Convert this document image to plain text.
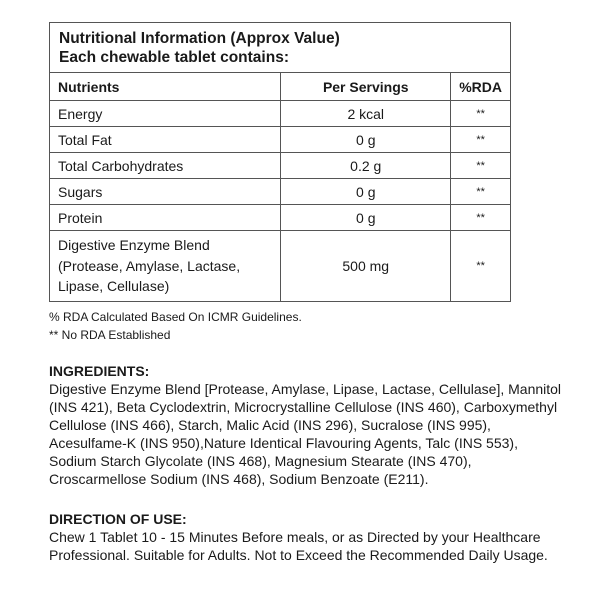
Nutritional Information (Approx Value)
Each chewable tablet contains:
Nutrients	Per Servings	%RDA
Energy	2 kcal	**
Total Fat	0 g	**
Total Carbohydrates	0.2 g	**
Sugars	0 g	**
Protein	0 g	**
Digestive Enzyme Blend (Protease, Amylase, Lactase, Lipase, Cellulase)	500 mg	**
% RDA Calculated Based On ICMR Guidelines.
** No RDA Established
INGREDIENTS:

Digestive Enzyme Blend [Protease, Amylase, Lipase, Lactase, Cellulase], Mannitol (INS 421), Beta Cyclodextrin, Microcrystalline Cellulose (INS 460), Carboxymethyl Cellulose (INS 466), Starch, Malic Acid (INS 296), Sucralose (INS 995), Acesulfame-K (INS 950),Nature Identical Flavouring Agents, Talc (INS 553), Sodium Starch Glycolate (INS 468), Magnesium Stearate (INS 470), Croscarmellose Sodium (INS 468), Sodium Benzoate (E211).

DIRECTION OF USE:

Chew 1 Tablet 10 - 15 Minutes Before meals, or as Directed by your Healthcare Professional. Suitable for Adults. Not to Exceed the Recommended Daily Usage.
